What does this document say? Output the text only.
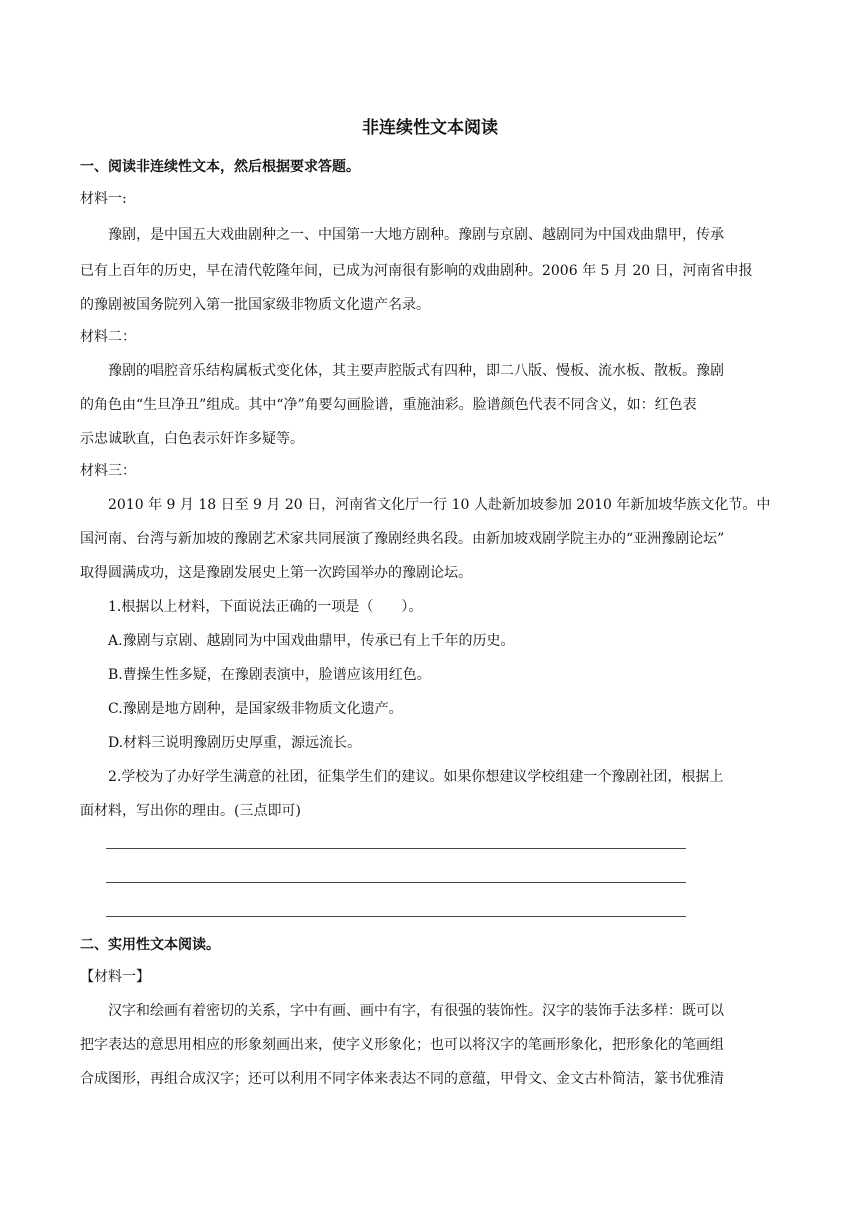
非连续性文本阅读

一、阅读非连续性文本，然后根据要求答题。

材料一:

豫剧，是中国五大戏曲剧种之一、中国第一大地方剧种。豫剧与京剧、越剧同为中国戏曲鼎甲，传承

已有上百年的历史，早在清代乾隆年间，已成为河南很有影响的戏曲剧种。2006 年 5 月 20 日，河南省申报

的豫剧被国务院列入第一批国家级非物质文化遗产名录。

材料二：

豫剧的唱腔音乐结构属板式变化体，其主要声腔版式有四种，即二八版、慢板、流水板、散板。豫剧

的角色由“生旦净丑”组成。其中“净”角要勾画脸谱，重施油彩。脸谱颜色代表不同含义，如：红色表

示忠诚耿直，白色表示奸诈多疑等。

材料三：

2010 年 9 月 18 日至 9 月 20 日，河南省文化厅一行 10 人赴新加坡参加 2010 年新加坡华族文化节。中

国河南、台湾与新加坡的豫剧艺术家共同展演了豫剧经典名段。由新加坡戏剧学院主办的“亚洲豫剧论坛”

取得圆满成功，这是豫剧发展史上第一次跨国举办的豫剧论坛。

1.根据以上材料，下面说法正确的一项是（　　）。

A.豫剧与京剧、越剧同为中国戏曲鼎甲，传承已有上千年的历史。

B.曹操生性多疑，在豫剧表演中，脸谱应该用红色。

C.豫剧是地方剧种，是国家级非物质文化遗产。

D.材料三说明豫剧历史厚重，源远流长。

2.学校为了办好学生满意的社团，征集学生们的建议。如果你想建议学校组建一个豫剧社团，根据上

面材料，写出你的理由。(三点即可)

二、实用性文本阅读。

【材料一】

汉字和绘画有着密切的关系，字中有画、画中有字，有很强的装饰性。汉字的装饰手法多样：既可以

把字表达的意思用相应的形象刻画出来，使字义形象化；也可以将汉字的笔画形象化，把形象化的笔画组

合成图形，再组合成汉字；还可以利用不同字体来表达不同的意蕴，甲骨文、金文古朴简洁，篆书优雅清
